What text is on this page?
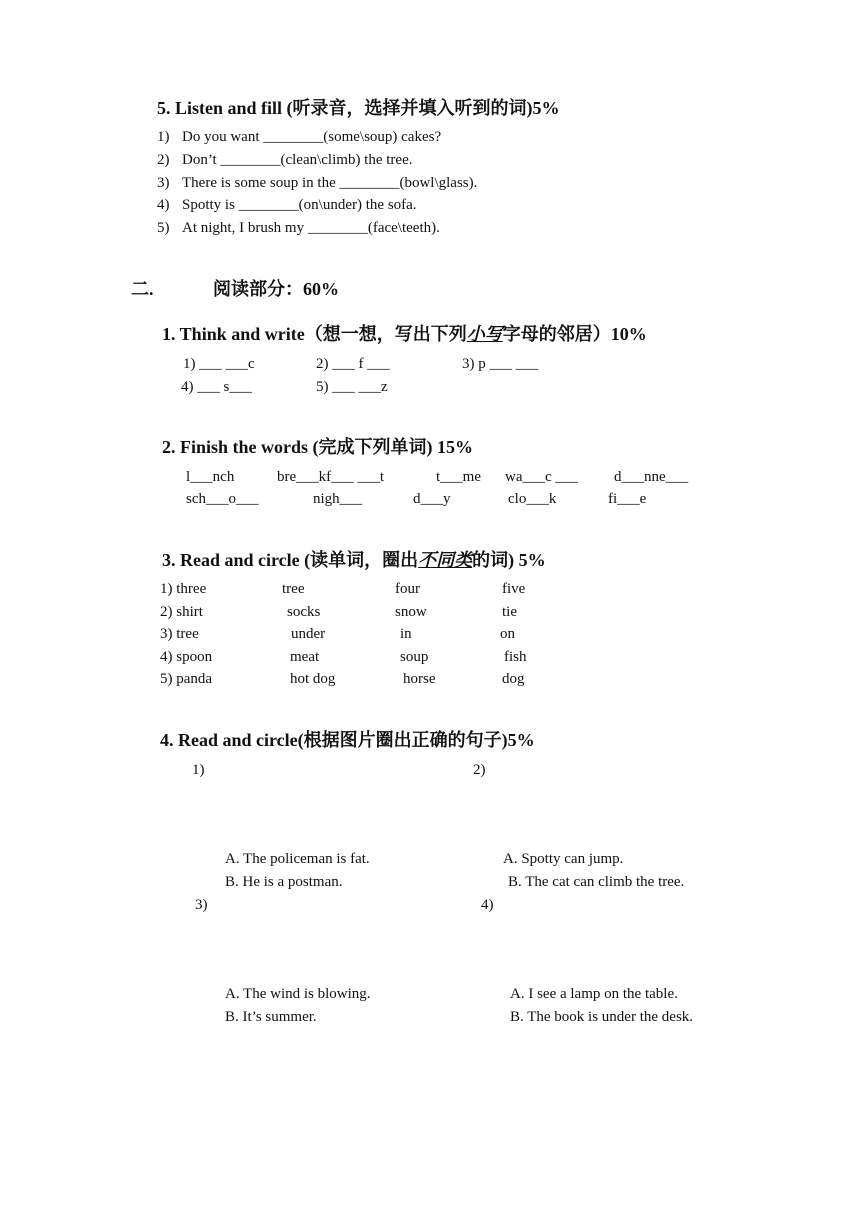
5. Listen and fill (听录音，选择并填入听到的词)5%
1) Do you want ________(some\soup) cakes?
2) Don’t ________(clean\climb) the tree.
3) There is some soup in the ________(bowl\glass).
4) Spotty is ________(on\under) the sofa.
5) At night, I brush my ________(face\teeth).
二.	阅读部分：60%
1. Think and write（想一想，写出下列小写字母的邻居）10%
1) ___ ___c	2) ___ f ___	3) p ___ ___
4) ___ s___	5) ___ ___z
2. Finish the words (完成下列单词) 15%
l___nch	bre___kf___ ___t	t___me wa___c ___ d___nne___
sch___o___	nigh___	d___y	clo___k	fi___e
3. Read and circle (读单词，圈出不同类的词) 5%
1) three	tree	four	five
2) shirt	socks	snow	tie
3) tree	under	in	on
4) spoon	meat	soup	fish
5) panda	hot dog	horse	dog
4. Read and circle(根据图片圈出正确的句子)5%
1)	2)
A. The policeman is fat.
B. He is a postman.
A. Spotty can jump.
B. The cat can climb the tree.
3)	4)
A. The wind is blowing.
B. It’s summer.
A. I see a lamp on the table.
B. The book is under the desk.
